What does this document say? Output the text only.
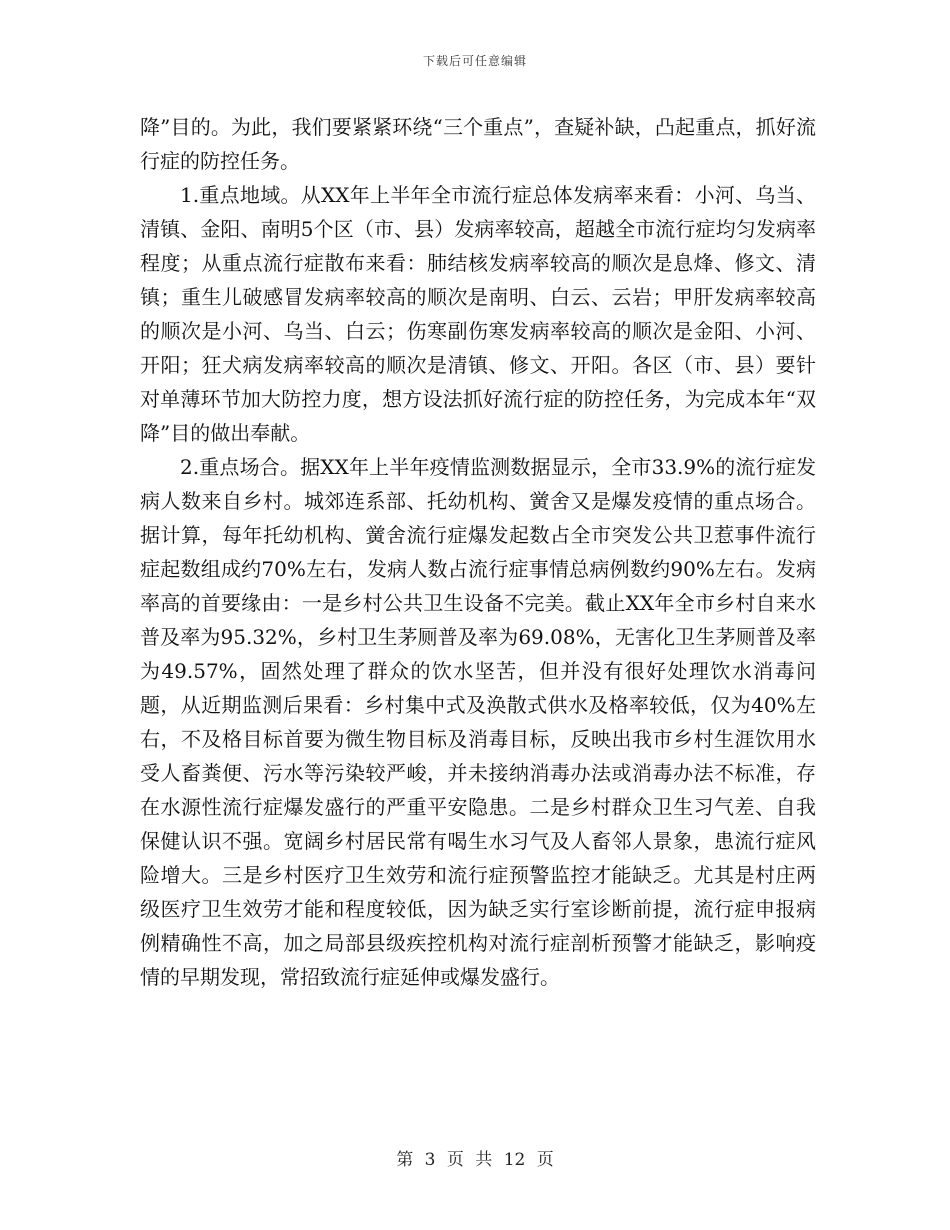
下载后可任意编辑

降”目的。为此，我们要紧紧环绕“三个重点”，查疑补缺，凸起重点，抓好流行症的防控任务。

1.重点地域。从XX年上半年全市流行症总体发病率来看：小河、乌当、清镇、金阳、南明5个区（市、县）发病率较高，超越全市流行症均匀发病率程度；从重点流行症散布来看：肺结核发病率较高的顺次是息烽、修文、清镇；重生儿破感冒发病率较高的顺次是南明、白云、云岩；甲肝发病率较高的顺次是小河、乌当、白云；伤寒副伤寒发病率较高的顺次是金阳、小河、开阳；狂犬病发病率较高的顺次是清镇、修文、开阳。各区（市、县）要针对单薄环节加大防控力度，想方设法抓好流行症的防控任务，为完成本年“双降”目的做出奉献。

2.重点场合。据XX年上半年疫情监测数据显示，全市33.9%的流行症发病人数来自乡村。城郊连系部、托幼机构、黉舍又是爆发疫情的重点场合。据计算，每年托幼机构、黉舍流行症爆发起数占全市突发公共卫惹事件流行症起数组成约70%左右，发病人数占流行症事情总病例数约90%左右。发病率高的首要缘由：一是乡村公共卫生设备不完美。截止XX年全市乡村自来水普及率为95.32%，乡村卫生茅厕普及率为69.08%，无害化卫生茅厕普及率为49.57%，固然处理了群众的饮水坚苦，但并没有很好处理饮水消毒问题，从近期监测后果看：乡村集中式及涣散式供水及格率较低，仅为40%左右，不及格目标首要为微生物目标及消毒目标，反映出我市乡村生涯饮用水受人畜粪便、污水等污染较严峻，并未接纳消毒办法或消毒办法不标准，存在水源性流行症爆发盛行的严重平安隐患。二是乡村群众卫生习气差、自我保健认识不强。宽阔乡村居民常有喝生水习气及人畜邻人景象，患流行症风险增大。三是乡村医疗卫生效劳和流行症预警监控才能缺乏。尤其是村庄两级医疗卫生效劳才能和程度较低，因为缺乏实行室诊断前提，流行症申报病例精确性不高，加之局部县级疾控机构对流行症剖析预警才能缺乏，影响疫情的早期发现，常招致流行症延伸或爆发盛行。

第 3 页 共 12 页
